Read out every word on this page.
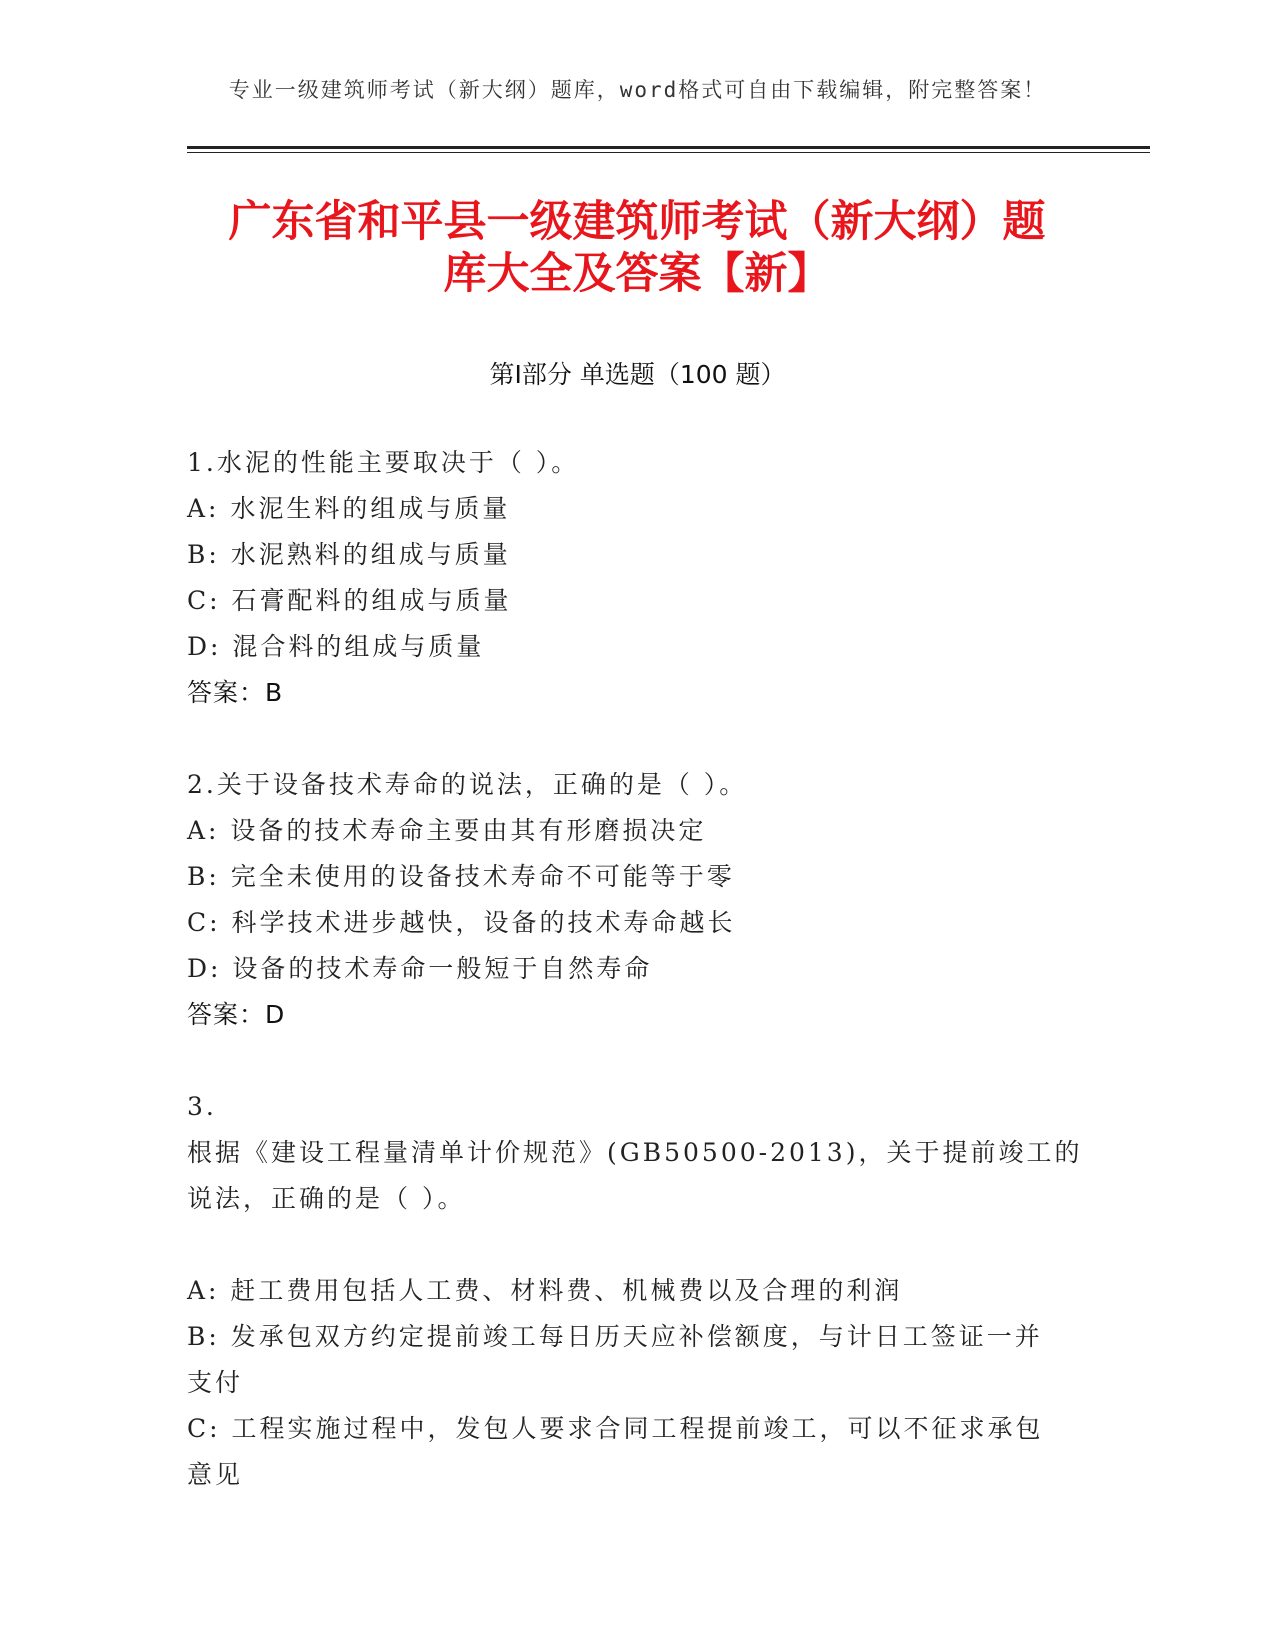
专业一级建筑师考试（新大纲）题库，word格式可自由下载编辑，附完整答案！
广东省和平县一级建筑师考试（新大纲）题
库大全及答案【新】
第Ⅰ部分 单选题（100 题）
1.水泥的性能主要取决于（ ）。
A: 水泥生料的组成与质量
B: 水泥熟料的组成与质量
C: 石膏配料的组成与质量
D: 混合料的组成与质量
答案：B
2.关于设备技术寿命的说法，正确的是（ ）。
A: 设备的技术寿命主要由其有形磨损决定
B: 完全未使用的设备技术寿命不可能等于零
C: 科学技术进步越快，设备的技术寿命越长
D: 设备的技术寿命一般短于自然寿命
答案：D
3.
根据《建设工程量清单计价规范》(GB50500-2013)，关于提前竣工的
说法，正确的是（ ）。
A: 赶工费用包括人工费、材料费、机械费以及合理的利润
B: 发承包双方约定提前竣工每日历天应补偿额度，与计日工签证一并
支付
C: 工程实施过程中，发包人要求合同工程提前竣工，可以不征求承包
意见
